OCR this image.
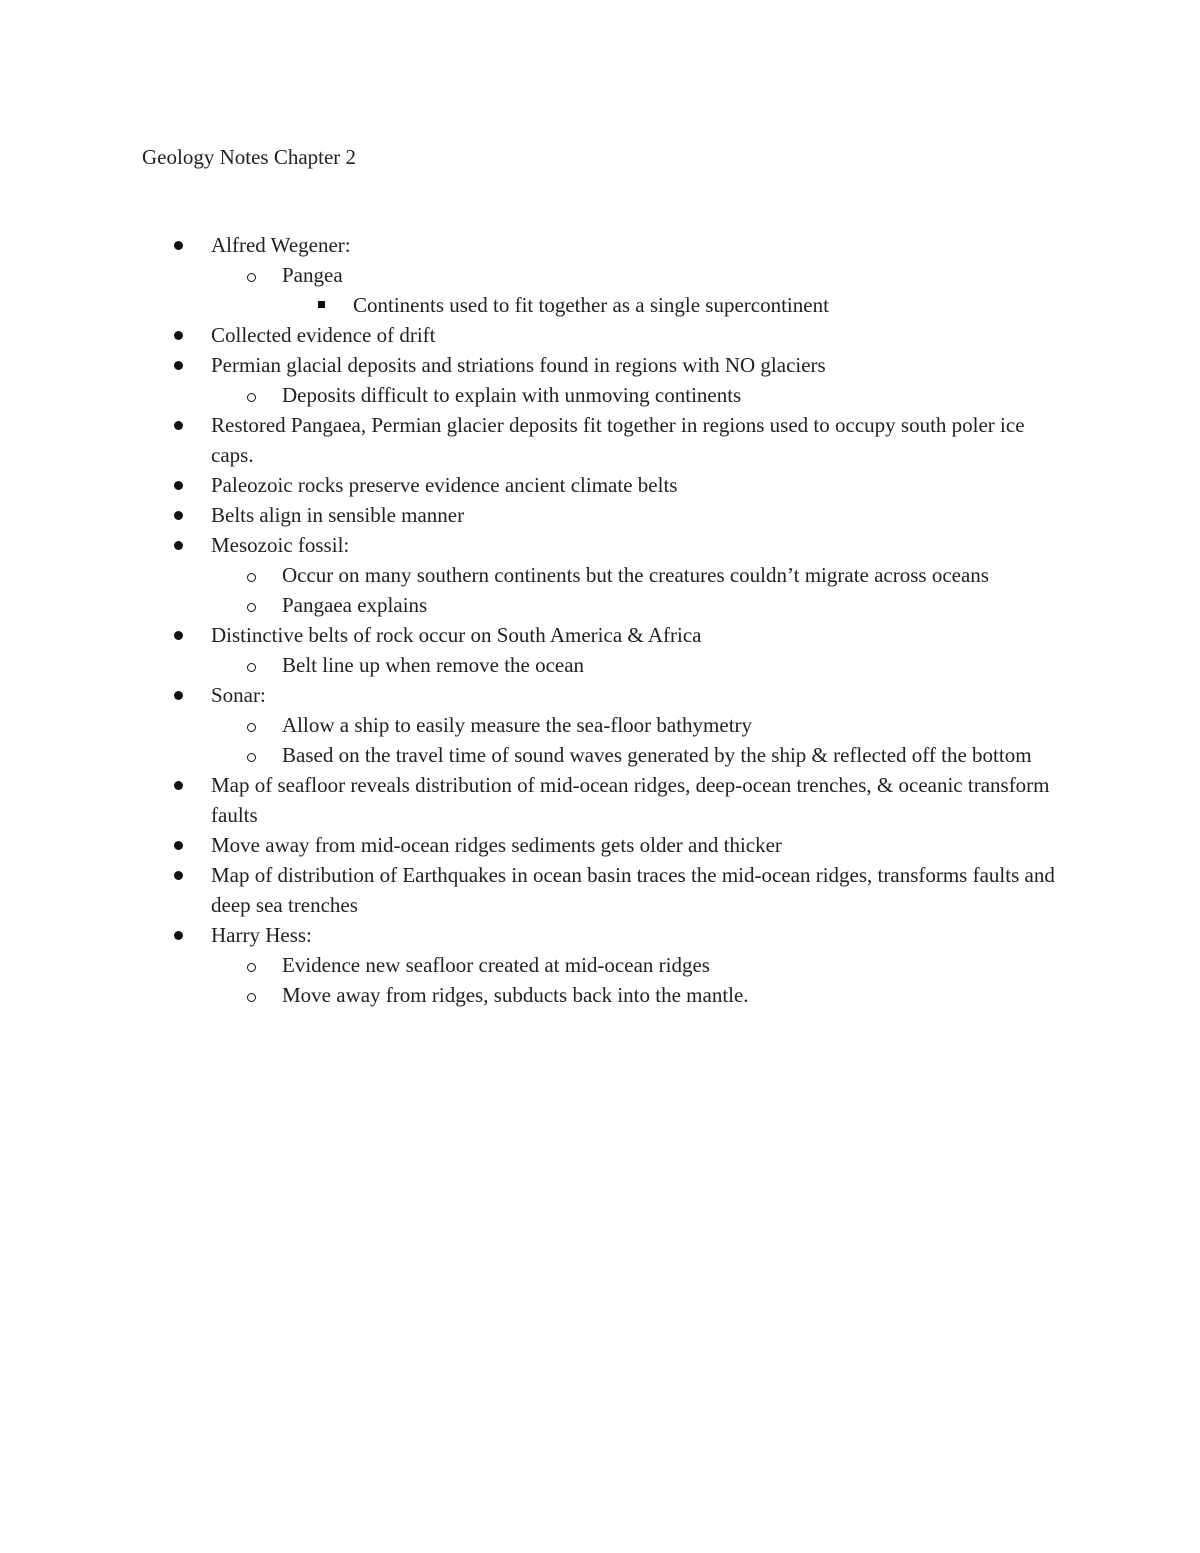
Geology Notes Chapter 2
Alfred Wegener:
Pangea
Continents used to fit together as a single supercontinent
Collected evidence of drift
Permian glacial deposits and striations found in regions with NO glaciers
Deposits difficult to explain with unmoving continents
Restored Pangaea, Permian glacier deposits fit together in regions used to occupy south poler ice caps.
Paleozoic rocks preserve evidence ancient climate belts
Belts align in sensible manner
Mesozoic fossil:
Occur on many southern continents but the creatures couldn’t migrate across oceans
Pangaea explains
Distinctive belts of rock occur on South America & Africa
Belt line up when remove the ocean
Sonar:
Allow a ship to easily measure the sea-floor bathymetry
Based on the travel time of sound waves generated by the ship & reflected off the bottom
Map of seafloor reveals distribution of mid-ocean ridges, deep-ocean trenches, & oceanic transform faults
Move away from mid-ocean ridges sediments gets older and thicker
Map of distribution of Earthquakes in ocean basin traces the mid-ocean ridges, transforms faults and deep sea trenches
Harry Hess:
Evidence new seafloor created at mid-ocean ridges
Move away from ridges, subducts back into the mantle.
